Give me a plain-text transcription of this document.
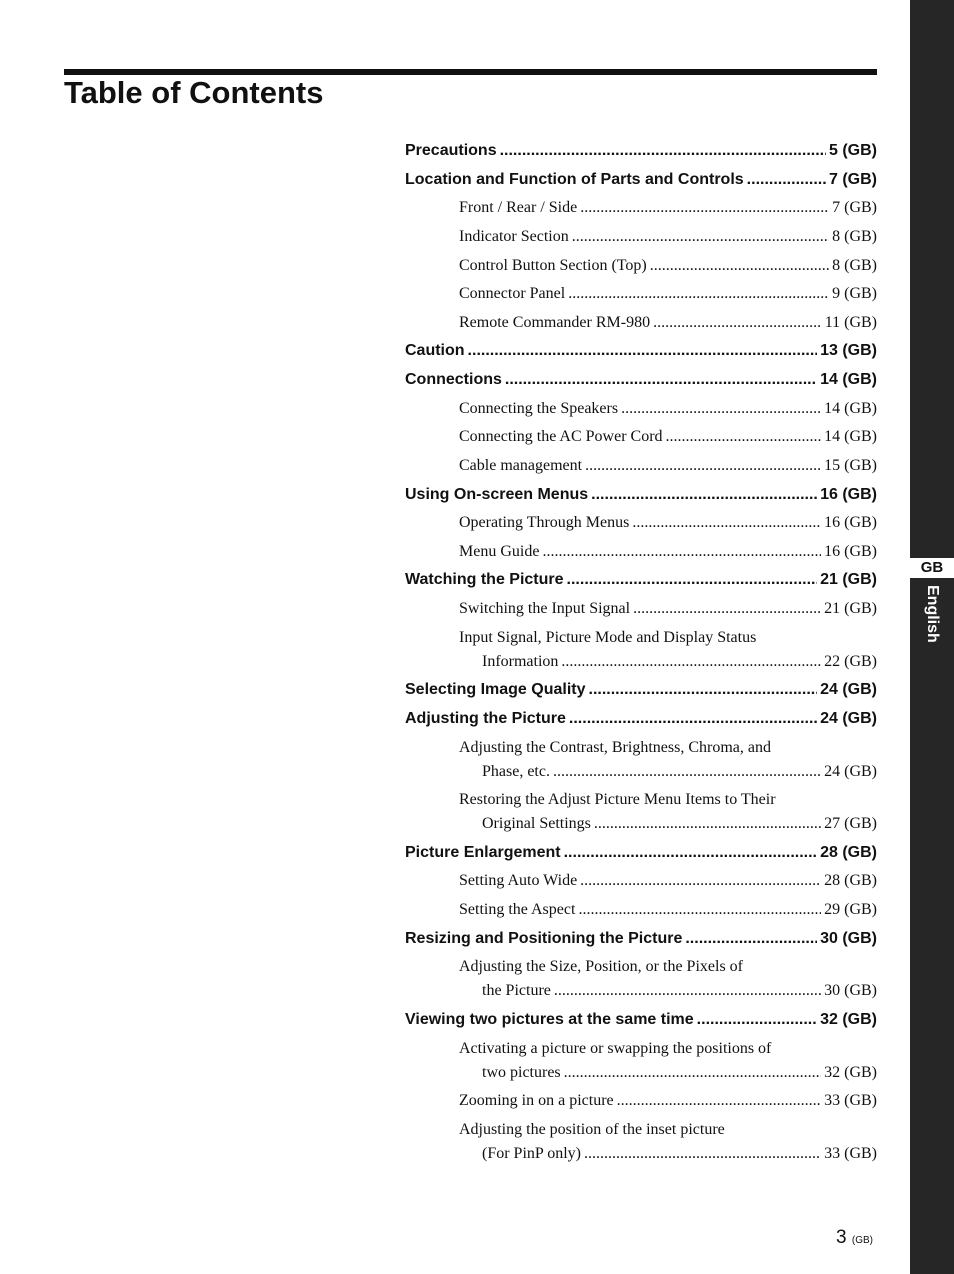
GB
English
Table of Contents
Precautions .....	5 (GB)
Location and Function of Parts and Controls .....	7 (GB)
Front / Rear / Side .....	7 (GB)
Indicator Section .....	8 (GB)
Control Button Section (Top) .....	8 (GB)
Connector Panel .....	9 (GB)
Remote Commander RM-980 .....	11 (GB)
Caution .....	13 (GB)
Connections .....	14 (GB)
Connecting the Speakers .....	14 (GB)
Connecting the AC Power Cord .....	14 (GB)
Cable management .....	15 (GB)
Using On-screen Menus .....	16 (GB)
Operating Through Menus .....	16 (GB)
Menu Guide .....	16 (GB)
Watching the Picture .....	21 (GB)
Switching the Input Signal .....	21 (GB)
Input Signal, Picture Mode and Display Status
Information .....	22 (GB)
Selecting Image Quality .....	24 (GB)
Adjusting the Picture .....	24 (GB)
Adjusting the Contrast, Brightness, Chroma, and
Phase, etc. .....	24 (GB)
Restoring the Adjust Picture Menu Items to Their
Original Settings .....	27 (GB)
Picture Enlargement .....	28 (GB)
Setting Auto Wide .....	28 (GB)
Setting the Aspect .....	29 (GB)
Resizing and Positioning the Picture .....	30 (GB)
Adjusting the Size, Position, or the Pixels of
the Picture .....	30 (GB)
Viewing two pictures at the same time .....	32 (GB)
Activating a picture or swapping the positions of
two pictures .....	32 (GB)
Zooming in on a picture .....	33 (GB)
Adjusting the position of the inset picture
(For PinP only) .....	33 (GB)
3 (GB)
